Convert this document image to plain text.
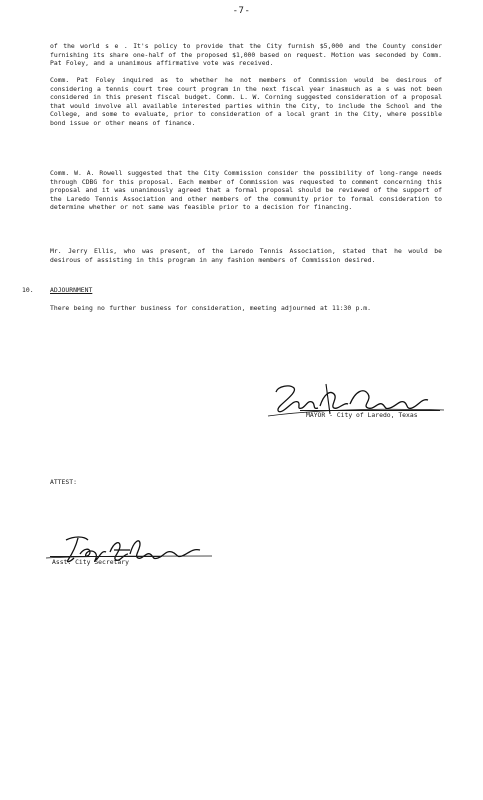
-7-
of the world s e . It's policy to provide that the City furnish $5,000 and the County consider furnishing its share one-half of the proposed $1,000 based on request. Motion was seconded by Comm. Pat Foley, and a unanimous affirmative vote was received.
Comm. Pat Foley inquired as to whether he not members of Commission would be desirous of considering a tennis court tree court program in the next fiscal year inasmuch as a s was not been considered in this present fiscal budget. Comm. L. W. Corning suggested consideration of a proposal that would involve all available interested parties within the City, to include the School and the College, and some to evaluate, prior to consideration of a local grant in the City, where possible bond issue or other means of finance.
Comm. W. A. Rowell suggested that the City Commission consider the possibility of long-range needs through CDBG for this proposal. Each member of Commission was requested to comment concerning this proposal and it was unanimously agreed that a formal proposal should be reviewed of the support of the Laredo Tennis Association and other members of the community prior to formal consideration to determine whether or not same was feasible prior to a decision for financing.
Mr. Jerry Ellis, who was present, of the Laredo Tennis Association, stated that he would be desirous of assisting in this program in any fashion members of Commission desired.
10.	ADJOURNMENT
There being no further business for consideration, meeting adjourned at 11:30 p.m.
MAYOR - City of Laredo, Texas
ATTEST:
Asst. City Secretary
